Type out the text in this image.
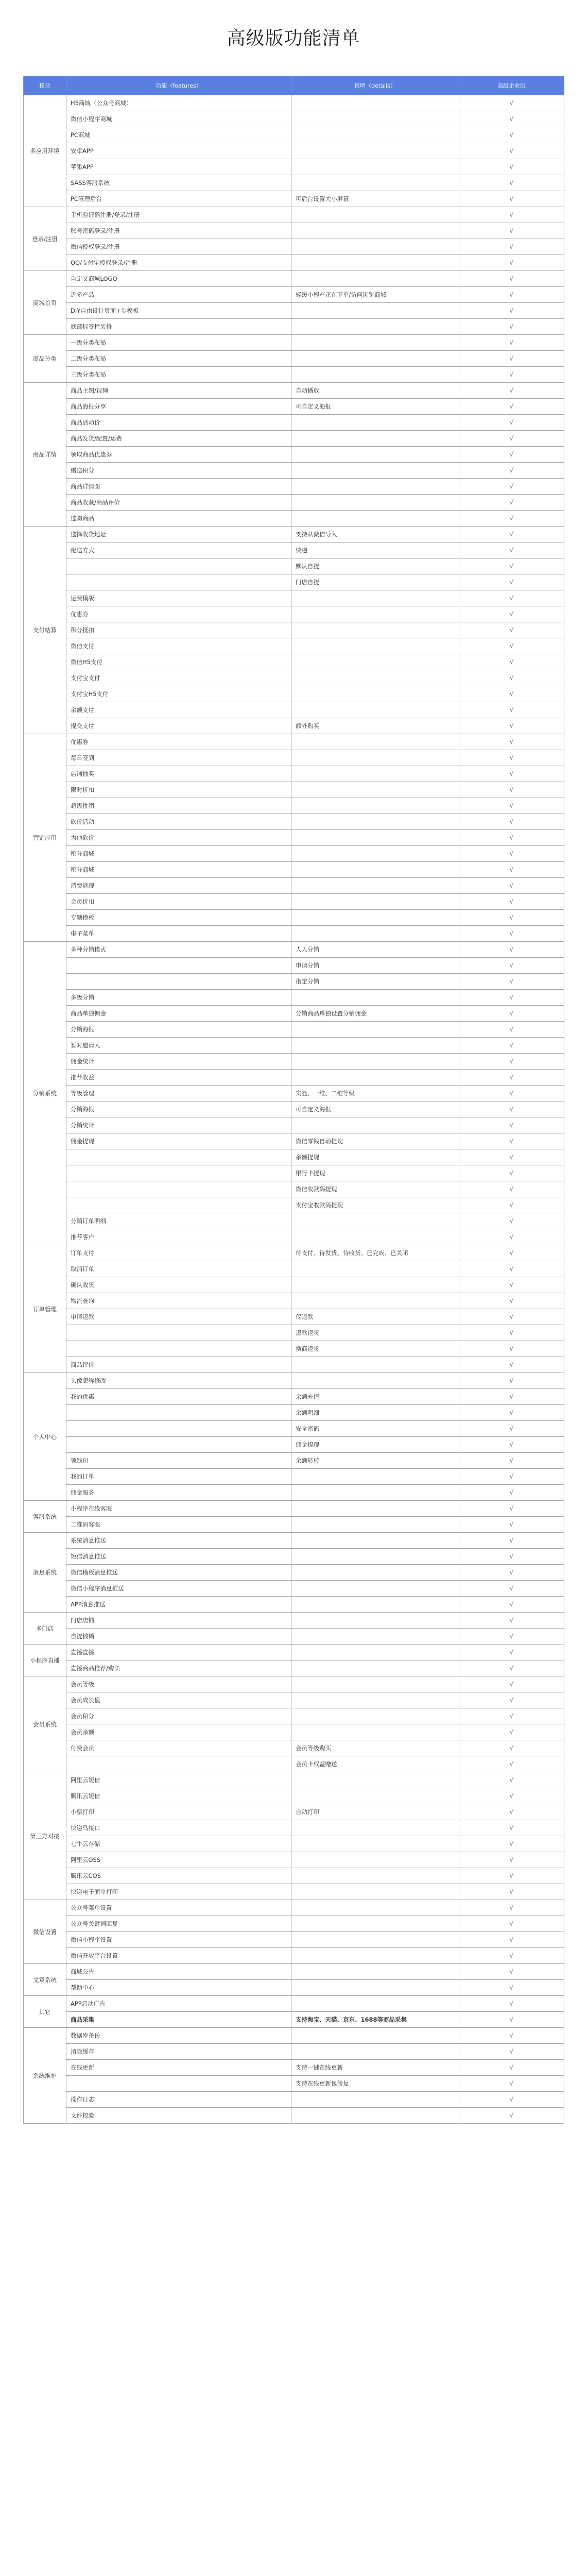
高级版功能清单
模块	功能（features）	说明（details）	高级企业版
多应用环境	H5商城（公众号商城）		√
	微信小程序商城		√
	PC商城		√
	安卓APP		√
	苹果APP		√
	SASS客服系统		√
	PC管理后台	可后台设置大小屏幕	√
登录/注册	手机验证码注册/登录/注册		√
	账号密码登录/注册		√
	微信授权登录/注册		√
	QQ/支付宝授权登录/注册		√
商城首页	自定义商城LOGO		√
	近多产品	轻缓小程产正在下单/访问浏览商城	√
	DIY自由设计页面+步模板		√
	底部标签栏装修		√
商品分类	一级分类布局		√
	二级分类布局		√
	三级分类布局		√
商品详情	商品主图/视频	自动播放	√
	商品海报分享	可自定义海报	√
	商品活动价		√
	商品发货/配置/运费		√
	领取商品优惠券		√
	赠送积分		√
	商品详情图		√
	商品收藏/商品评价		√
	选购商品		√
支付结算	选择收货地址	支持从微信导入	√
	配送方式	快递	√
		默认自提	√
		门店自提	√
	运费模版		√
	优惠券		√
	积分抵扣		√
	微信支付		√
	微信H5支付		√
	支付宝支付		√
	支付宝H5支付		√
	余额支付		√
	提交支付	额外购买	√
营销应用	优惠券		√
	每日签到		√
	店铺抽奖		√
	限时折扣		√
	超级拼团		√
	砍价活动		√
	为他砍价		√
	积分商城		√
	积分商城		√
	消费返现		√
	会员折扣		√
	专题模板		√
	电子菜单		√
分销系统	多种分销模式	人人分销	√
		申请分销	√
		指定分销	√
	多级分销		√
	商品单独佣金	分销商品单独设置分销佣金	√
	分销海报		√
	暂时邀请人		√
	佣金统计		√
	推荐收益		√
	等级管理	实显、一维、二维等级	√
	分销海报	可自定义海报	√
	分销统计		√
	佣金提现	微信零钱自动提现	√
		余额提现	√
		银行卡提现	√
		微信收款码提现	√
		支付宝收款码提现	√
	分销订单明细		√
	推荐客户		√
订单管理	订单支付	待支付、待发货、待收货、已完成、已关闭	√
	取消订单		√
	确认收货		√
	物流查询		√
	申请退款	仅退款	√
		退款退货	√
		换商退货	√
	商品评价		√
个人中心	头像昵称修改		√
	我的优惠	余额充值	√
		余额明细	√
		安全密码	√
		佣金提现	√
	领钱包	余额转转	√
	我的订单		√
	佣金服务		√
客服系统	小程序在线客服		√
	二维码客服		√
消息系统	系统消息推送		√
	短信消息推送		√
	微信模板消息推送		√
	微信小程序消息推送		√
	APP消息推送		√
多门店	门店店铺		√
	自提核销		√
小程序直播	直播直播		√
	直播商品推荐/购买		√
会员系统	会员等级		√
	会员成长值		√
	会员积分		√
	会员余额		√
	付费会员	会员等级购买	√
		会员卡权益赠送	√
第三方对接	阿里云短信		√
	腾讯云短信		√
	小票打印	自动打印	√
	快递鸟接口		√
	七牛云存储		√
	阿里云OSS		√
	腾讯云COS		√
	快递电子面单打印		√
微信设置	公众号菜单设置		√
	公众号关键词回复		√
	微信小程序设置		√
	微信开放平台设置		√
文章系统	商城公告		√
	帮助中心		√
其它	APP启动广告		√
	商品采集	支持淘宝、天猫、京东、1688等商品采集	√
系统维护	数据库备份		√
	清除缓存		√
	在线更新	支持一键在线更新	√
		支持在线更新包修复	√
	操作日志		√
	文件校验		√
